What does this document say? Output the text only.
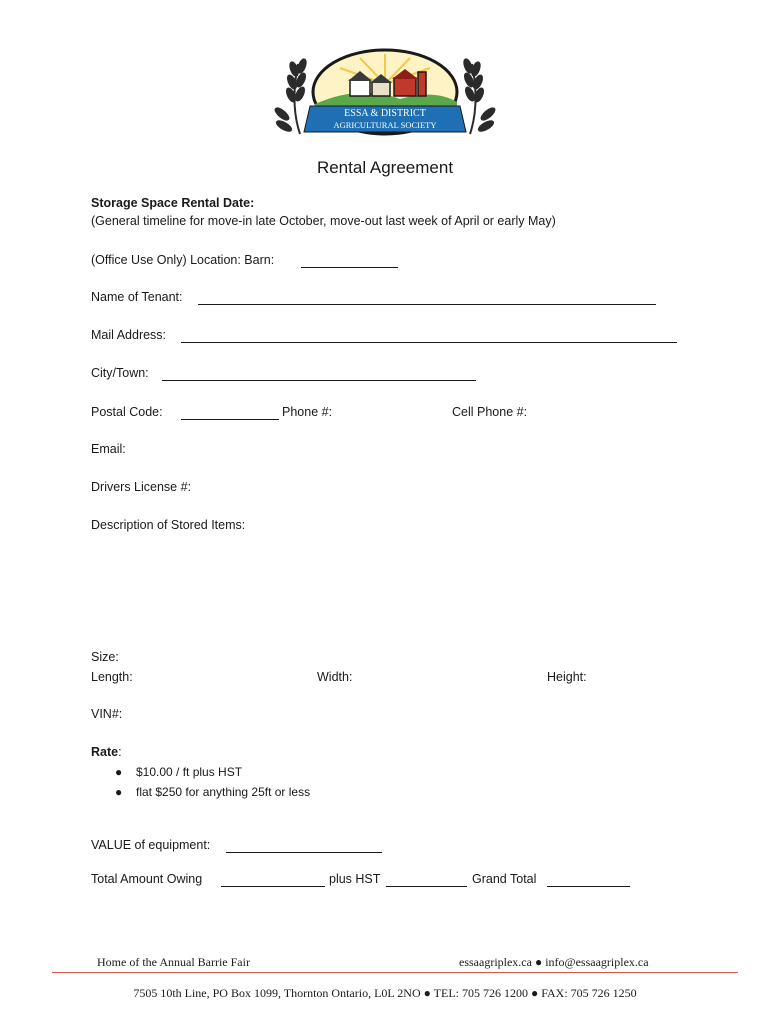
ESSA & DISTRICT
AGRICULTURAL SOCIETY
Rental Agreement
Storage Space Rental Date:
(General timeline for move-in late October, move-out last week of April or early May)
(Office Use Only) Location: Barn:
Name of Tenant:
Mail Address:
City/Town:
Postal Code:	Phone #:	Cell Phone #:
Email:
Drivers License #:
Description of Stored Items:
Size:
Length:	Width:	Height:
VIN#:
Rate:
● $10.00 / ft plus HST
● flat $250 for anything 25ft or less
VALUE of equipment:
Total Amount Owing	plus HST	Grand Total
Home of the Annual Barrie Fair	essaagriplex.ca ● info@essaagriplex.ca
7505 10th Line, PO Box 1099, Thornton Ontario, L0L 2NO ● TEL: 705 726 1200 ● FAX: 705 726 1250
